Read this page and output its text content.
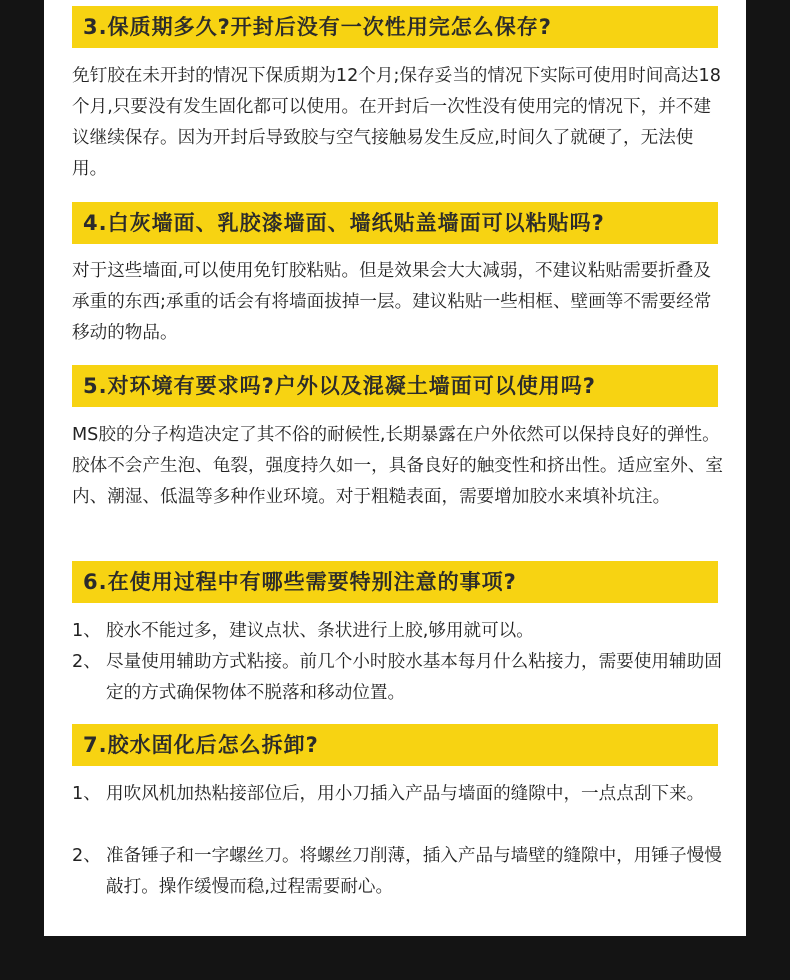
3.保质期多久?开封后没有一次性用完怎么保存?

免钉胶在未开封的情况下保质期为12个月;保存妥当的情况下实际可使用时间高达18个月,只要没有发生固化都可以使用。在开封后一次性没有使用完的情况下，并不建议继续保存。因为开封后导致胶与空气接触易发生反应,时间久了就硬了，无法使用。

4.白灰墙面、乳胶漆墙面、墙纸贴盖墙面可以粘贴吗?

对于这些墙面,可以使用免钉胶粘贴。但是效果会大大减弱，不建议粘贴需要折叠及承重的东西;承重的话会有将墙面拔掉一层。建议粘贴一些相框、壁画等不需要经常移动的物品。

5.对环境有要求吗?户外以及混凝土墙面可以使用吗?

MS胶的分子构造决定了其不俗的耐候性,长期暴露在户外依然可以保持良好的弹性。胶体不会产生泡、龟裂，强度持久如一，具备良好的触变性和挤出性。适应室外、室内、潮湿、低温等多种作业环境。对于粗糙表面，需要增加胶水来填补坑注。

6.在使用过程中有哪些需要特别注意的事项?
1、 胶水不能过多，建议点状、条状进行上胶,够用就可以。
2、 尽量使用辅助方式粘接。前几个小时胶水基本每月什么粘接力，需要使用辅助固定的方式确保物体不脱落和移动位置。
7.胶水固化后怎么拆卸?
1、 用吹风机加热粘接部位后，用小刀插入产品与墙面的缝隙中，一点点刮下来。
2、 准备锤子和一字螺丝刀。将螺丝刀削薄，插入产品与墙壁的缝隙中，用锤子慢慢敲打。操作缓慢而稳,过程需要耐心。
